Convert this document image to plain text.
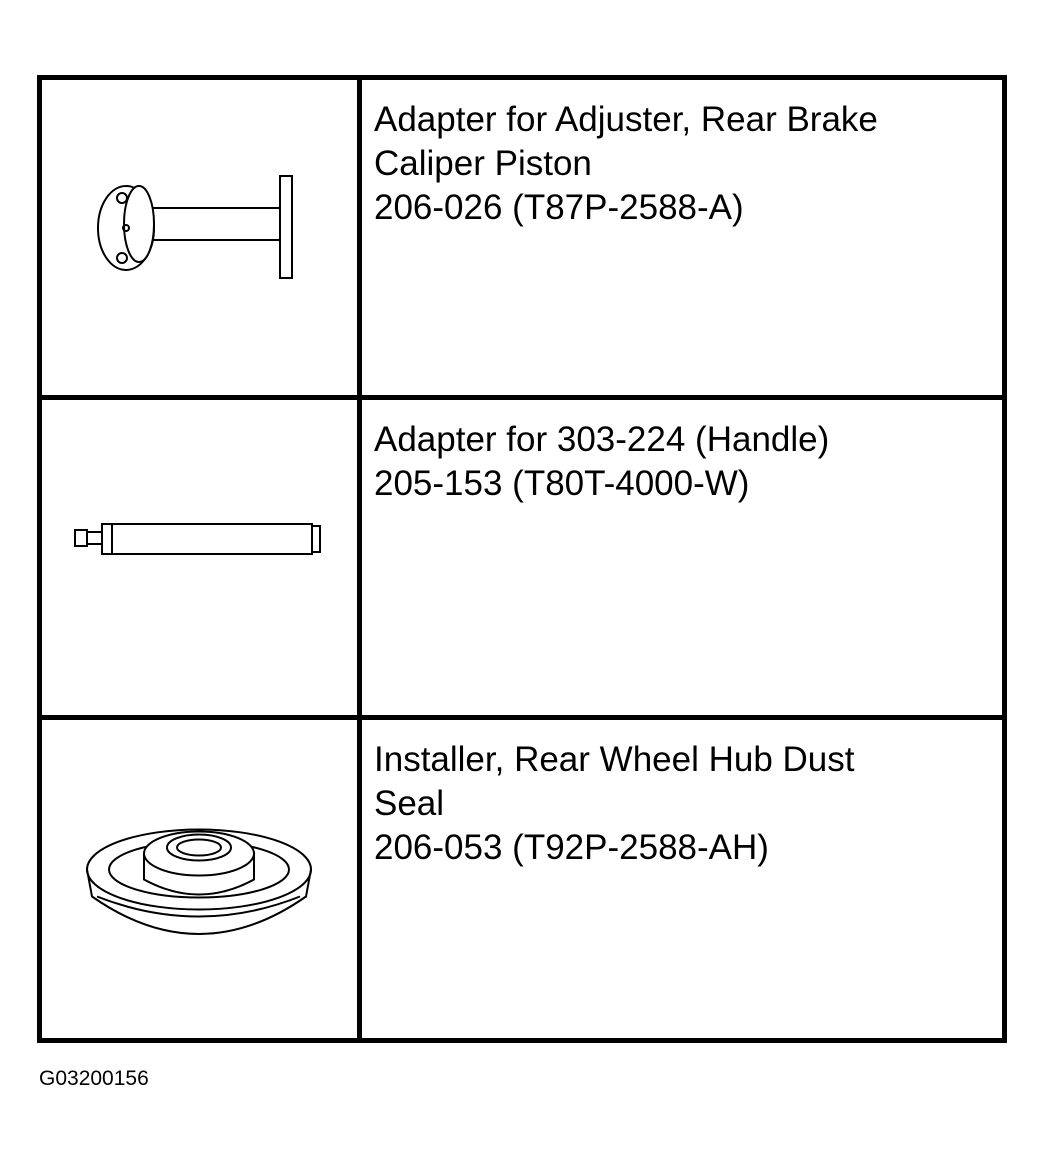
Adapter for Adjuster, Rear Brake
Caliper Piston
206-026 (T87P-2588-A)
Adapter for 303-224 (Handle)
205-153 (T80T-4000-W)
Installer, Rear Wheel Hub Dust
Seal
206-053 (T92P-2588-AH)
G03200156
